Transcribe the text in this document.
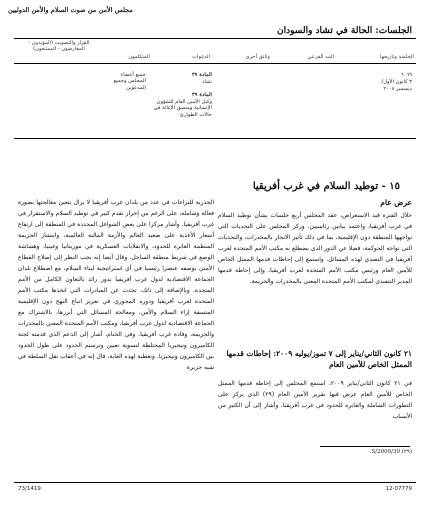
مجلس الأمن من صوت السلام والأمن الدوليين
الجلسات: الحالة في تشاد والسودان
الجلسة وتاريخها
البند الفرعي
وثائق أخرى
الدعوات
المتكلمون
القرار والتصويت (المؤيدون - المعارضون - الممتنعون)
٦٠٦٩
٣ كانون الأول/
ديسمبر ٢٠٠٨
المادة ٣٧
تشاد
المادة ٣٩
وكيل الأمين العام للشؤون الإنسانية ومنسق الإغاثة في حالات الطوارئ
جميع أعضاء المجلس وجميع المدعوين
١٥ - توطيد السلام في غرب أفريقيا
عرض عام

خلال الفترة قيد الاستعراض، عقد المجلس أربع جلسات بشأن توطيد السلام في غرب أفريقيا، واعتمد بيانين رئاسيين. وركز المجلس على التحديات التي تواجهها المنطقة دون الإقليمية، بما في ذلك تأثير الاتجار بالمخدرات، والتحديات التي تواجه الحوكمة، فضلا عن الدور الذي يضطلع به مكتب الأمم المتحدة لغرب أفريقيا في التصدي لهذه المسائل. واستمع إلى إحاطات قدمها الممثل الخاص للأمين العام ورئيس مكتب الأمم المتحدة لغرب أفريقيا، وإلى إحاطة قدمها المدير التنفيذي لمكتب الأمم المتحدة المعني بالمخدرات والجريمة.

٢١ كانون الثاني/يناير إلى ٧ تموز/يوليه ٢٠٠٩: إحاطات قدمها الممثل الخاص للأمين العام

في ٢١ كانون الثاني/يناير ٢٠٠٩، استمع المجلس إلى إحاطة قدمها الممثل الخاص للأمين العام عرض فيها تقرير الأمين العام (٢٩) الذي يركز على التطورات الشاملة والعابرة للحدود في غرب أفريقيا. وأشار إلى أن الكثير من الأسباب

(٢٩) S/2009/39.

الجذرية للنزاعات في عدد من بلدان غرب أفريقيا لا يزال يتعين معالجتها بصورة فعالة وشاملة، على الرغم من إحراز تقدم كبير في توطيد السلام والاستقرار في غرب أفريقيا. وأشار مركزا على بعض الشواغل المحددة في المنطقة إلى ارتفاع أسعار الأغذية على صعيد العالم والأزمة المالية العالمية، وانتشار الجريمة المنظمة العابرة للحدود، والانقلابات العسكرية في موريتانيا وغينيا، وهشاشة الوضع في شريط منطقة الساحل. وقال أيضا إنه يجب النظر إلى إصلاح القطاع الأمني بوصفه عنصرا رئيسيا في أي استراتيجية لبناء السلام، مع اضطلاع بلدان الجماعة الاقتصادية لدول غرب أفريقيا بدور رائد بالتعاون الكامل من الأمم المتحدة. وبالإضافة إلى ذلك، تحدث عن المبادرات التي اتخذها مكتب الأمم المتحدة لغرب أفريقيا ودوره المحوري في تعزيز اتباع النهج دون الإقليمية المتسقة إزاء السلام والأمن، ومعالجة المسائل التي أبرزها، بالاشتراك مع الجماعة الاقتصادية لدول غرب أفريقيا، ومكتب الأمم المتحدة المعني بالمخدرات والجريمة، وقادة غرب أفريقيا. وفي الختام، أشار إلى الدعم الذي قدمته لجنة الكاميرون ونيجيريا المختلطة لتسوية تعيين وترسيم الحدود على طول الحدود بين الكاميرون ونيجيريا. وتغطية لهذه الغاية، قال إنه في أعقاب نقل السلطة في شبه جزيرة

73/1419	12-07779
